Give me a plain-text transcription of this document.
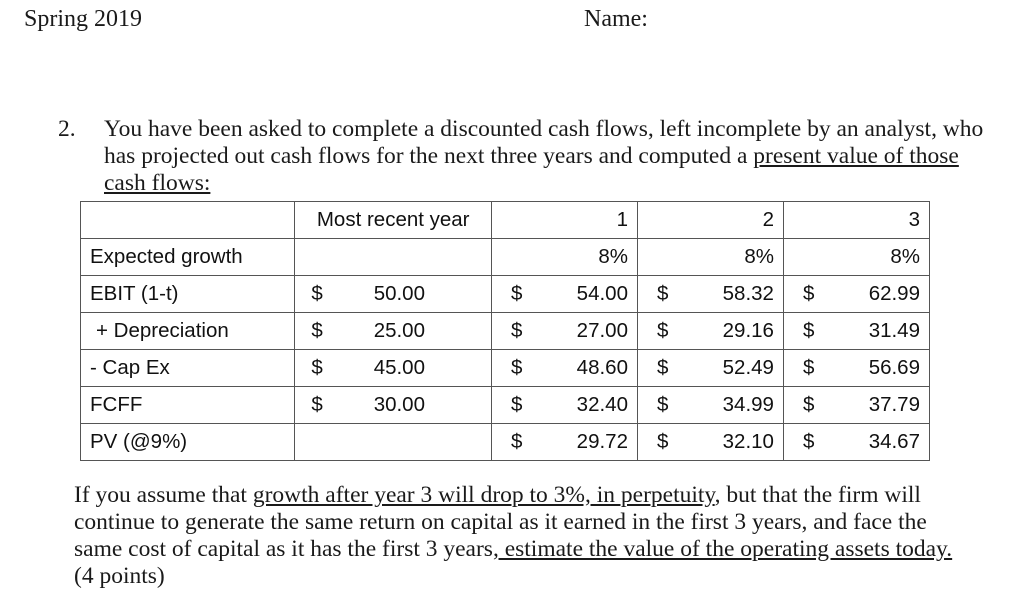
Spring 2019	Name:
2. You have been asked to complete a discounted cash flows, left incomplete by an analyst, who has projected out cash flows for the next three years and computed a present value of those cash flows:
	Most recent year	1	2	3
Expected growth		8%	8%	8%
EBIT (1-t)	$ 50.00	$ 54.00	$ 58.32	$ 62.99

+ Depreciation	$ 25.00	$ 27.00	$ 29.16	$ 31.49

- Cap Ex	$ 45.00	$ 48.60	$ 52.49	$ 56.69

FCFF	$ 30.00	$ 32.40	$ 34.99	$ 37.79

PV (@9%)		$ 29.72	$ 32.10	$ 34.67
If you assume that growth after year 3 will drop to 3%, in perpetuity, but that the firm will continue to generate the same return on capital as it earned in the first 3 years, and face the same cost of capital as it has the first 3 years, estimate the value of the operating assets today. (4 points)
